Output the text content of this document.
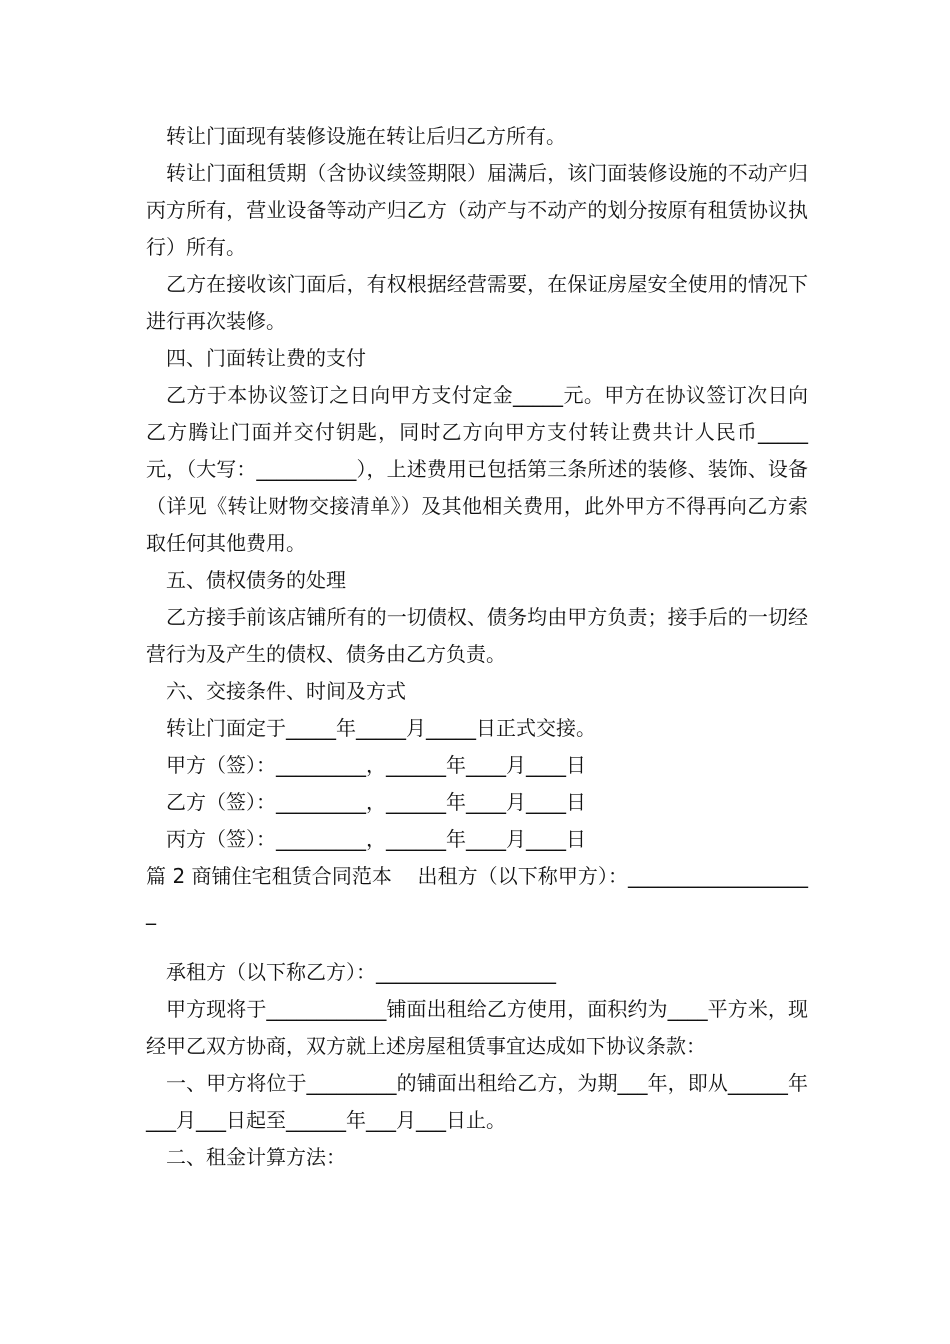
转让门面现有装修设施在转让后归乙方所有。

转让门面租赁期（含协议续签期限）届满后，该门面装修设施的不动产归丙方所有，营业设备等动产归乙方（动产与不动产的划分按原有租赁协议执行）所有。

乙方在接收该门面后，有权根据经营需要，在保证房屋安全使用的情况下进行再次装修。

四、门面转让费的支付

乙方于本协议签订之日向甲方支付定金_____元。甲方在协议签订次日向乙方腾让门面并交付钥匙，同时乙方向甲方支付转让费共计人民币_____元，（大写：__________），上述费用已包括第三条所述的装修、装饰、设备（详见《转让财物交接清单》）及其他相关费用，此外甲方不得再向乙方索取任何其他费用。

五、债权债务的处理

乙方接手前该店铺所有的一切债权、债务均由甲方负责；接手后的一切经营行为及产生的债权、债务由乙方负责。

六、交接条件、时间及方式

转让门面定于_____年_____月_____日正式交接。

甲方（签）：_________，______年____月____日

乙方（签）：_________，______年____月____日

丙方（签）：_________，______年____月____日

篇 2 商铺住宅租赁合同范本    出租方（以下称甲方）：___________________

承租方（以下称乙方）：__________________

甲方现将于____________铺面出租给乙方使用，面积约为____平方米，现经甲乙双方协商，双方就上述房屋租赁事宜达成如下协议条款：

一、甲方将位于_________的铺面出租给乙方，为期___年，即从______年___月___日起至______年___月___日止。

二、租金计算方法：
